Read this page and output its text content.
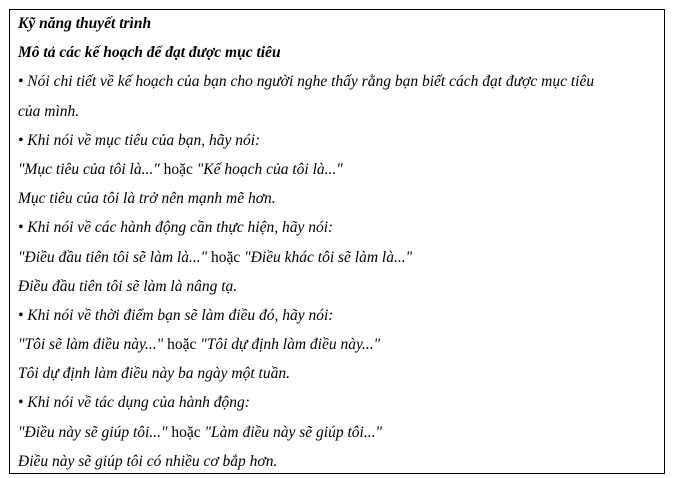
Kỹ năng thuyết trình
Mô tả các kế hoạch để đạt được mục tiêu
• Nói chi tiết về kế hoạch của bạn cho người nghe thấy rằng bạn biết cách đạt được mục tiêu
của mình.
• Khi nói về mục tiêu của bạn, hãy nói:
"Mục tiêu của tôi là..." hoặc "Kế hoạch của tôi là..."
Mục tiêu của tôi là trở nên mạnh mẽ hơn.
• Khi nói về các hành động cần thực hiện, hãy nói:
"Điều đầu tiên tôi sẽ làm là..." hoặc "Điều khác tôi sẽ làm là..."
Điều đầu tiên tôi sẽ làm là nâng tạ.
• Khi nói về thời điểm bạn sẽ làm điều đó, hãy nói:
"Tôi sẽ làm điều này..." hoặc "Tôi dự định làm điều này..."
Tôi dự định làm điều này ba ngày một tuần.
• Khi nói về tác dụng của hành động:
"Điều này sẽ giúp tôi..." hoặc "Làm điều này sẽ giúp tôi..."
Điều này sẽ giúp tôi có nhiều cơ bắp hơn.
